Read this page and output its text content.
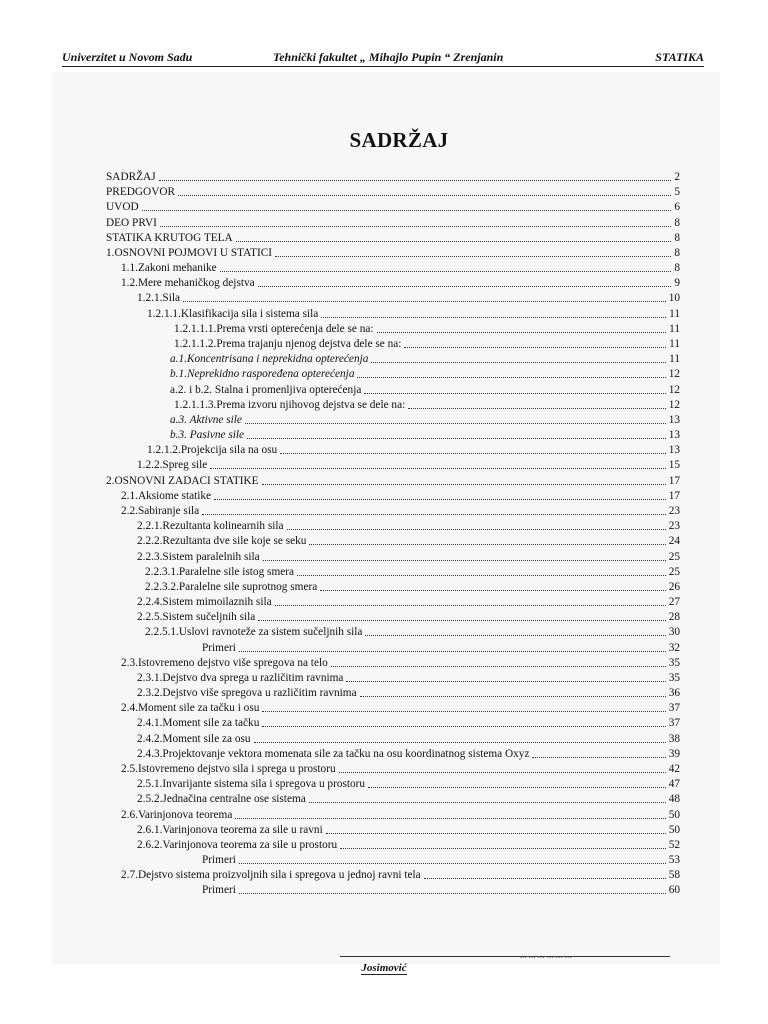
Univerzitet u Novom Sadu	Tehnički fakultet „ Mihajlo Pupin “ Zrenjanin	STATIKA
SADRŽAJ
SADRŽAJ	2
PREDGOVOR	5
UVOD	6
DEO PRVI	8
STATIKA KRUTOG TELA	8
1.OSNOVNI POJMOVI U STATICI	8
1.1.Zakoni mehanike	8
1.2.Mere mehaničkog dejstva	9
1.2.1.Sila	10
1.2.1.1.Klasifikacija sila i sistema sila	11
1.2.1.1.1.Prema vrsti opterećenja dele se na:	11
1.2.1.1.2.Prema trajanju njenog dejstva dele se na:	11
a.1.Koncentrisana i neprekidna opterećenja	11
b.1.Neprekidno raspoređena opterećenja	12
a.2. i b.2. Stalna i promenljiva opterećenja	12
1.2.1.1.3.Prema izvoru njihovog dejstva se dele na:	12
a.3. Aktivne sile	13
b.3. Pasivne sile	13
1.2.1.2.Projekcija sila na osu	13
1.2.2.Spreg sile	15
2.OSNOVNI ZADACI STATIKE	17
2.1.Aksiome statike	17
2.2.Sabiranje sila	23
2.2.1.Rezultanta kolinearnih sila	23
2.2.2.Rezultanta dve sile koje se seku	24
2.2.3.Sistem paralelnih sila	25
2.2.3.1.Paralelne sile istog smera	25
2.2.3.2.Paralelne sile suprotnog smera	26
2.2.4.Sistem mimoilaznih sila	27
2.2.5.Sistem sučeljnih sila	28
2.2.5.1.Uslovi ravnoteže za sistem sučeljnih sila	30
Primeri	32
2.3.Istovremeno dejstvo više spregova na telo	35
2.3.1.Dejstvo dva sprega u različitim ravnima	35
2.3.2.Dejstvo više spregova u različitim ravnima	36
2.4.Moment sile za tačku i osu	37
2.4.1.Moment sile za tačku	37
2.4.2.Moment sile za osu	38
2.4.3.Projektovanje vektora momenata sile za tačku na osu koordinatnog sistema Oxyz	39
2.5.Istovremeno dejstvo sila i sprega u prostoru	42
2.5.1.Invarijante sistema sila i spregova u prostoru	47
2.5.2.Jednačina centralne ose sistema	48
2.6.Varinjonova teorema	50
2.6.1.Varinjonova teorema za sile u ravni	50
2.6.2.Varinjonova teorema za sile u prostoru	52
Primeri	53
2.7.Dejstvo sistema proizvoljnih sila i spregova u jednoj ravni tela	58
Primeri	60
... ... ... ... ... ...
Josimović
